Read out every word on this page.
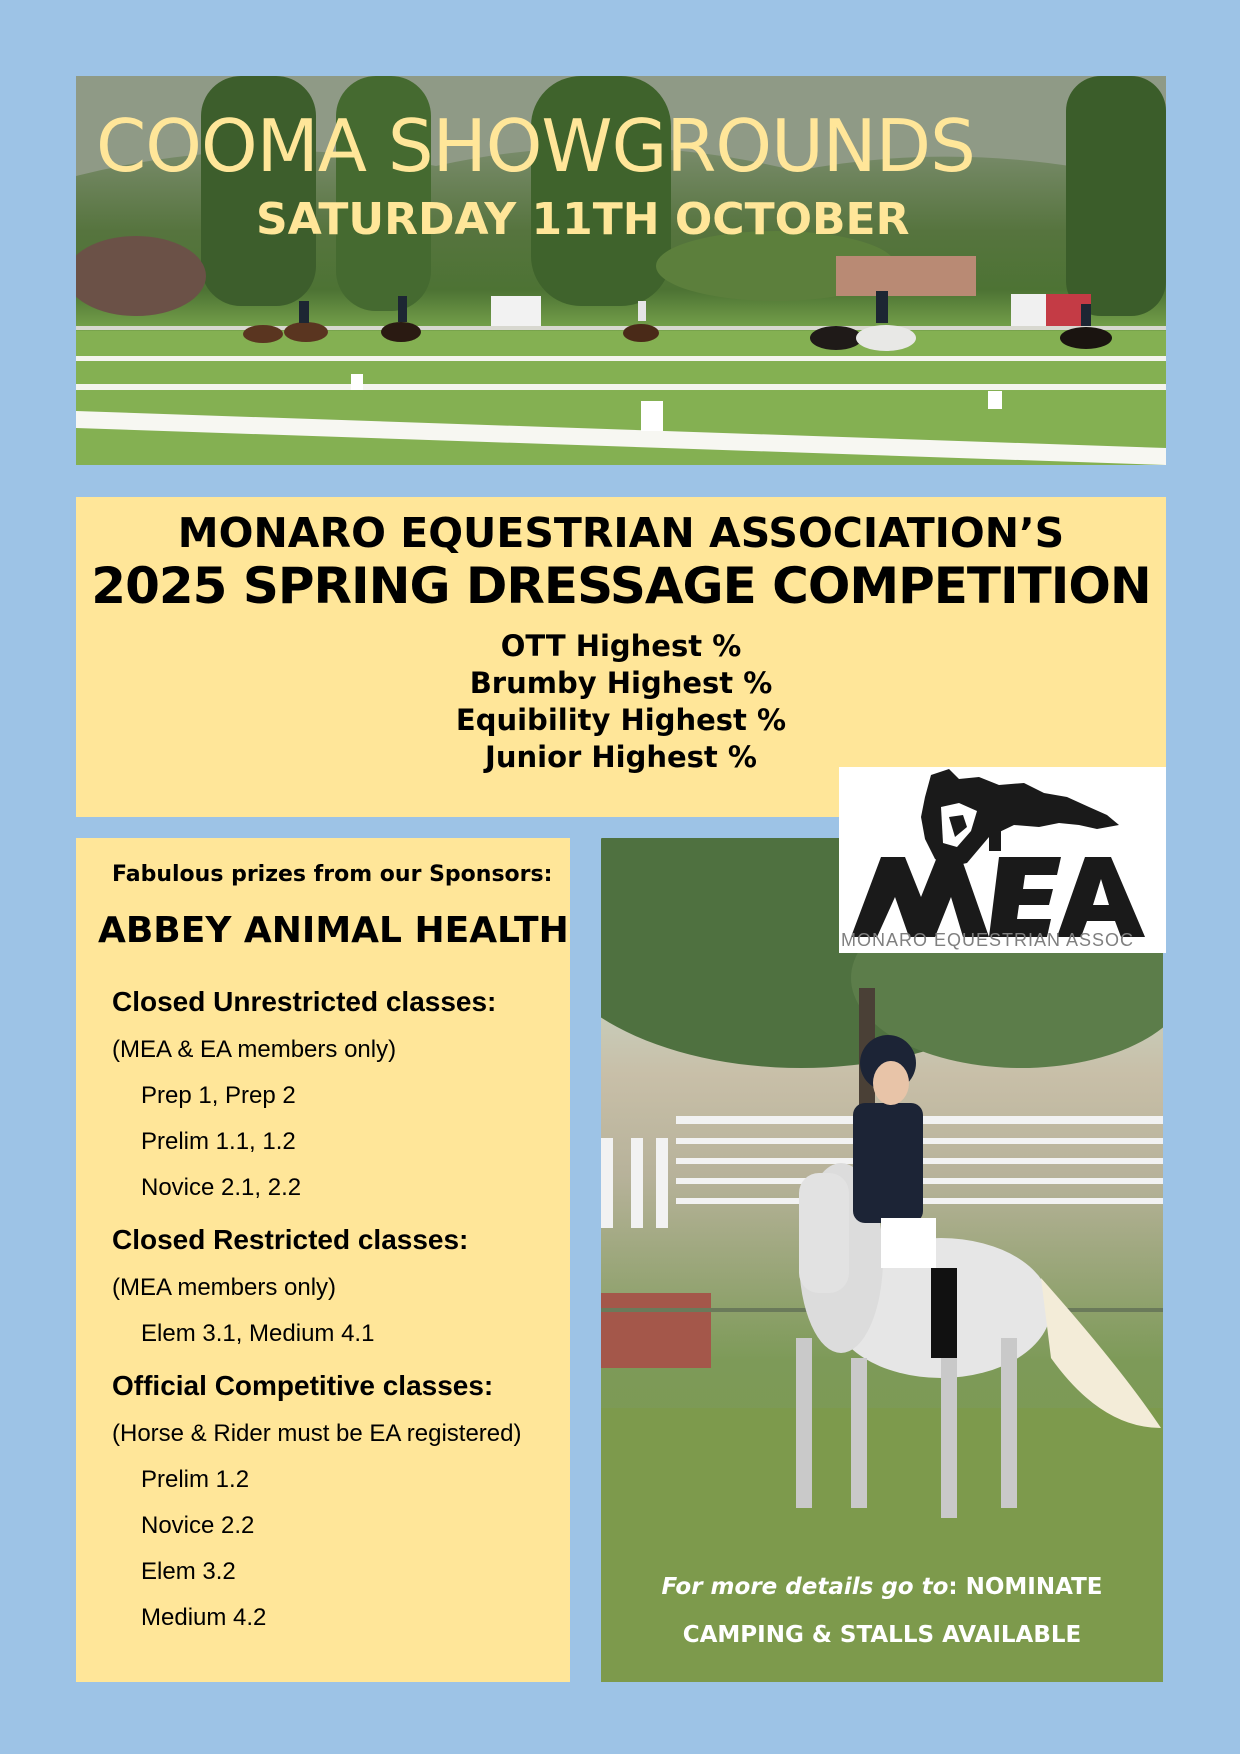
COOMA SHOWGROUNDS
SATURDAY 11TH OCTOBER
MONARO EQUESTRIAN ASSOCIATION’S
2025 SPRING DRESSAGE COMPETITION
OTT Highest %
Brumby Highest %
Equibility Highest %
Junior Highest %
Fabulous prizes from our Sponsors:
ABBEY ANIMAL HEALTH
Closed Unrestricted classes:
(MEA & EA members only)
Prep 1, Prep 2
Prelim 1.1, 1.2
Novice 2.1, 2.2
Closed Restricted classes:
(MEA members only)
Elem 3.1, Medium 4.1
Official Competitive classes:
(Horse & Rider must be EA registered)
Prelim 1.2
Novice 2.2
Elem 3.2
Medium 4.2
For more details go to: NOMINATE
CAMPING & STALLS AVAILABLE
MONARO EQUESTRIAN ASSOC
